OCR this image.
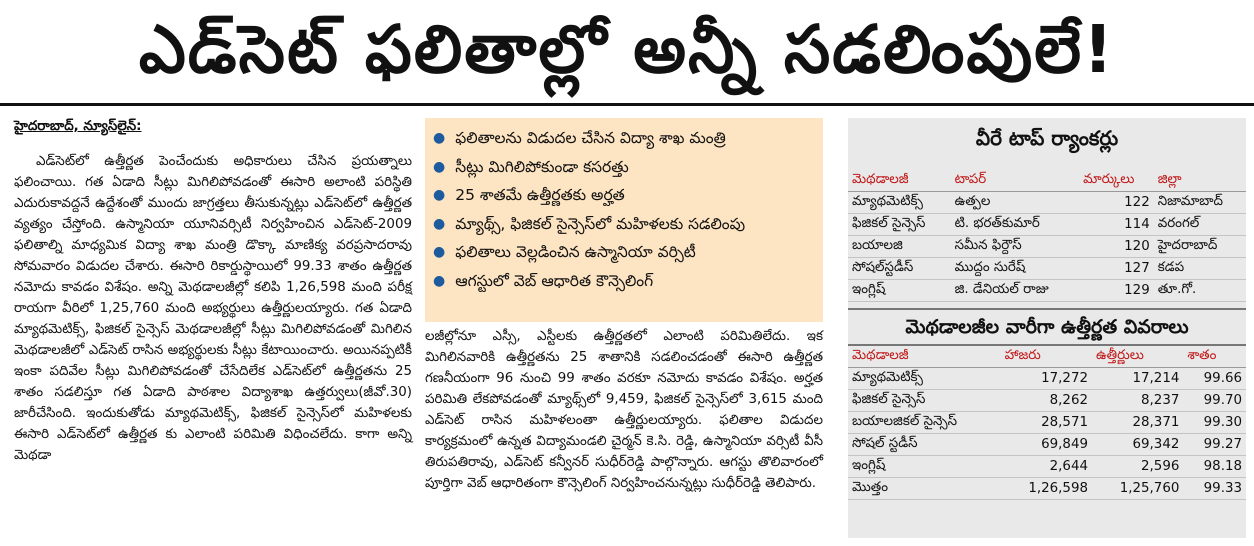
ఎడ్‌సెట్ ఫలితాల్లో అన్నీ సడలింపులే!

హైదరాబాద్, న్యూస్‌లైన్:

ఎడ్‌సెట్‌లో ఉత్తీర్ణత పెంచేందుకు అధికారులు చేసిన ప్రయత్నాలు ఫలించాయి. గత ఏడాది సీట్లు మిగిలిపోవడంతో ఈసారి అలాంటి పరిస్థితి ఎదురుకావద్దనే ఉద్దేశంతో ముందు జాగ్రత్తలు తీసుకున్నట్లు ఎడ్‌సెట్‌లో ఉత్తీర్ణత వ్యత్యం చేస్తోంది. ఉస్మానియా యూనివర్సిటీ నిర్వహించిన ఎడ్‌సెట్-2009 ఫలితాల్ని మాధ్యమిక విద్యా శాఖ మంత్రి డొక్కా మాణిక్య వరప్రసాదరావు సోమవారం విడుదల చేశారు. ఈసారి రికార్డుస్థాయిలో 99.33 శాతం ఉత్తీర్ణత నమోదు కావడం విశేషం. అన్ని మెథడాలజీల్లో కలిపి 1,26,598 మంది పరీక్ష రాయగా వీరిలో 1,25,760 మంది అభ్యర్థులు ఉత్తీర్ణులయ్యారు. గత ఏడాది మ్యాథమెటిక్స్, ఫిజికల్ సైన్సెస్ మెథడాలజీల్లో సీట్లు మిగిలిపోవడంతో మిగిలిన మెథడాలజీలో ఎడ్‌సెట్ రాసిన అభ్యర్థులకు సీట్లు కేటాయించారు. అయినప్పటికీ ఇంకా పదివేల సీట్లు మిగిలిపోవడంతో చేసేదిలేక ఎడ్‌సెట్‌లో ఉత్తీర్ణతను 25 శాతం సడలిస్తూ గత ఏడాది పాఠశాల విద్యాశాఖ ఉత్తర్వులు(జీవో.30) జారీచేసింది. ఇందుకుతోడు మ్యాథమెటిక్స్, ఫిజికల్ సైన్సెస్‌లో మహిళలకు ఈసారి ఎడ్‌సెట్‌లో ఉత్తీర్ణత కు ఎలాంటి పరిమితి విధించలేదు. కాగా అన్ని మెథడా

● ఫలితాలను విడుదల చేసిన విద్యా శాఖ మంత్రి
● సీట్లు మిగిలిపోకుండా కసరత్తు
● 25 శాతమే ఉత్తీర్ణతకు అర్హత
● మ్యాథ్స్, ఫిజికల్ సైన్సెస్‌లో మహిళలకు సడలింపు
● ఫలితాలు వెల్లడించిన ఉస్మానియా వర్సిటీ
● ఆగస్టులో వెబ్ ఆధారిత కౌన్సెలింగ్

లజీల్లోనూ ఎస్సీ, ఎస్టీలకు ఉత్తీర్ణతలో ఎలాంటి పరిమితిలేదు. ఇక మిగిలినవారికి ఉత్తీర్ణతను 25 శాతానికి సడలించడంతో ఈసారి ఉత్తీర్ణత గణనీయంగా 96 నుంచి 99 శాతం వరకూ నమోదు కావడం విశేషం. అర్హత పరిమితి లేకపోవడంతో మ్యాథ్స్‌లో 9,459, ఫిజికల్ సైన్సెస్‌లో 3,615 మంది ఎడ్‌సెట్ రాసిన మహిళలంతా ఉత్తీర్ణులయ్యారు. ఫలితాల విడుదల కార్యక్రమంలో ఉన్నత విద్యామండలి చైర్మన్ కె.సి. రెడ్డి, ఉస్మానియా వర్సిటీ వీసీ తిరుపతిరావు, ఎడ్‌సెట్ కన్వీనర్ సుధీర్‌రెడ్డి పాల్గొన్నారు. ఆగస్టు తొలివారంలో పూర్తిగా వెబ్ ఆధారితంగా కౌన్సెలింగ్ నిర్వహించనున్నట్లు సుధీర్‌రెడ్డి తెలిపారు.

వీరే టాప్ ర్యాంకర్లు
మెథడాలజీ	టాపర్	మార్కులు	జిల్లా
మ్యాథమెటిక్స్	ఉత్పల	122	నిజామాబాద్
ఫిజికల్ సైన్సెస్	టి. భరత్‌కుమార్	114	వరంగల్
బయాలజి	సమీన ఫిర్దౌస్	120	హైదరాబాద్
సోషల్‌స్టడీస్	ముద్దం సురేష్	127	కడప
ఇంగ్లిష్	జి. డేనియల్ రాజు	129	తూ.గో.
మెథడాలజీల వారీగా ఉత్తీర్ణత వివరాలు
మెథడాలజీ	హాజరు	ఉత్తీర్ణులు	శాతం
మ్యాథమెటిక్స్	17,272	17,214	99.66
ఫిజికల్ సైన్సెస్	8,262	8,237	99.70
బయాలజికల్ సైన్సెస్	28,571	28,371	99.30
సోషల్ స్టడీస్	69,849	69,342	99.27
ఇంగ్లిష్	2,644	2,596	98.18
మొత్తం	1,26,598	1,25,760	99.33
